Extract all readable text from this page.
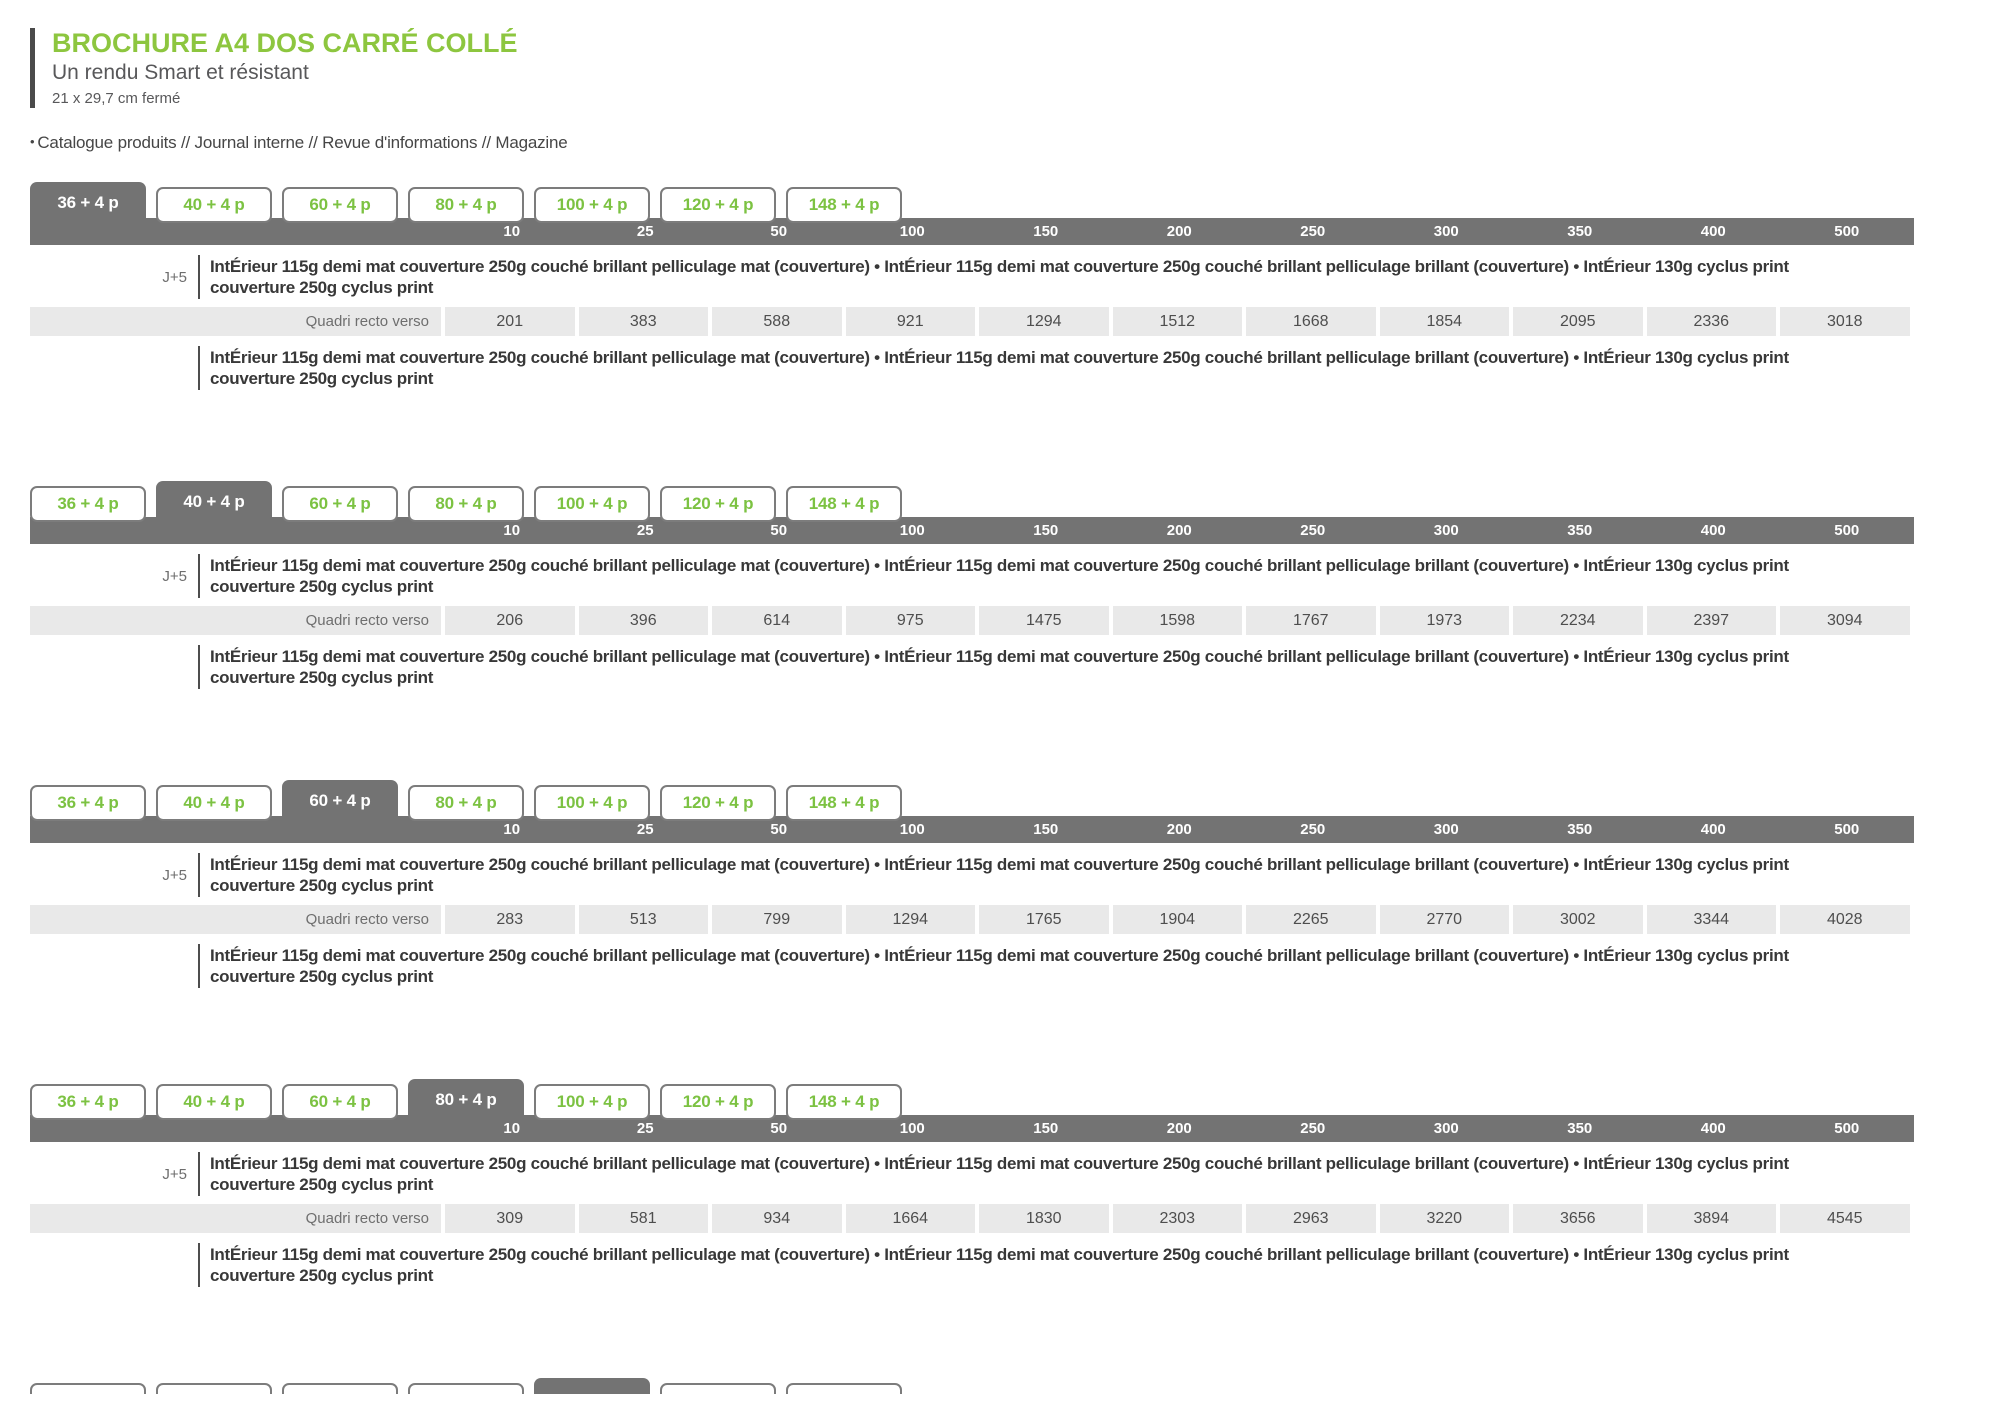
BROCHURE A4 DOS CARRÉ COLLÉ
Un rendu Smart et résistant
21 x 29,7 cm fermé
• Catalogue produits // Journal interne // Revue d'informations // Magazine
36 + 4 p	40 + 4 p	60 + 4 p	80 + 4 p	100 + 4 p	120 + 4 p	148 + 4 p
10	25	50	100	150	200	250	300	350	400	500
J+5
IntÉrieur 115g demi mat couverture 250g couché brillant pelliculage mat (couverture) • IntÉrieur 115g demi mat couverture 250g couché brillant pelliculage brillant (couverture) • IntÉrieur 130g cyclus print
couverture 250g cyclus print
Quadri recto verso	201	383	588	921	1294	1512	1668	1854	2095	2336	3018
IntÉrieur 115g demi mat couverture 250g couché brillant pelliculage mat (couverture) • IntÉrieur 115g demi mat couverture 250g couché brillant pelliculage brillant (couverture) • IntÉrieur 130g cyclus print
couverture 250g cyclus print
36 + 4 p	40 + 4 p	60 + 4 p	80 + 4 p	100 + 4 p	120 + 4 p	148 + 4 p
10	25	50	100	150	200	250	300	350	400	500
J+5
IntÉrieur 115g demi mat couverture 250g couché brillant pelliculage mat (couverture) • IntÉrieur 115g demi mat couverture 250g couché brillant pelliculage brillant (couverture) • IntÉrieur 130g cyclus print
couverture 250g cyclus print
Quadri recto verso	206	396	614	975	1475	1598	1767	1973	2234	2397	3094
IntÉrieur 115g demi mat couverture 250g couché brillant pelliculage mat (couverture) • IntÉrieur 115g demi mat couverture 250g couché brillant pelliculage brillant (couverture) • IntÉrieur 130g cyclus print
couverture 250g cyclus print
36 + 4 p	40 + 4 p	60 + 4 p	80 + 4 p	100 + 4 p	120 + 4 p	148 + 4 p
10	25	50	100	150	200	250	300	350	400	500
J+5
IntÉrieur 115g demi mat couverture 250g couché brillant pelliculage mat (couverture) • IntÉrieur 115g demi mat couverture 250g couché brillant pelliculage brillant (couverture) • IntÉrieur 130g cyclus print
couverture 250g cyclus print
Quadri recto verso	283	513	799	1294	1765	1904	2265	2770	3002	3344	4028
IntÉrieur 115g demi mat couverture 250g couché brillant pelliculage mat (couverture) • IntÉrieur 115g demi mat couverture 250g couché brillant pelliculage brillant (couverture) • IntÉrieur 130g cyclus print
couverture 250g cyclus print
36 + 4 p	40 + 4 p	60 + 4 p	80 + 4 p	100 + 4 p	120 + 4 p	148 + 4 p
10	25	50	100	150	200	250	300	350	400	500
J+5
IntÉrieur 115g demi mat couverture 250g couché brillant pelliculage mat (couverture) • IntÉrieur 115g demi mat couverture 250g couché brillant pelliculage brillant (couverture) • IntÉrieur 130g cyclus print
couverture 250g cyclus print
Quadri recto verso	309	581	934	1664	1830	2303	2963	3220	3656	3894	4545
IntÉrieur 115g demi mat couverture 250g couché brillant pelliculage mat (couverture) • IntÉrieur 115g demi mat couverture 250g couché brillant pelliculage brillant (couverture) • IntÉrieur 130g cyclus print
couverture 250g cyclus print
